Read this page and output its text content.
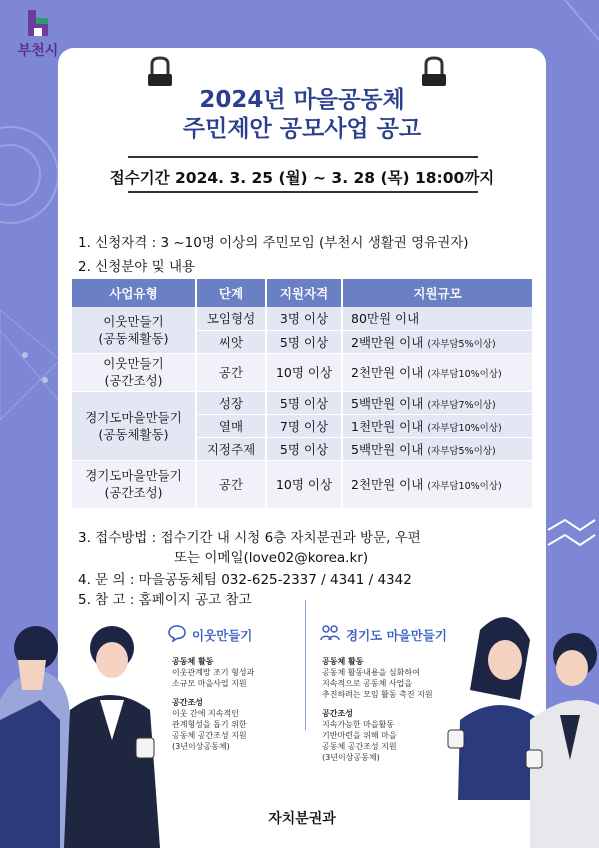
부천시
2024년 마을공동체
주민제안 공모사업 공고
접수기간 2024. 3. 25 (월) ~ 3. 28 (목) 18:00까지
1. 신청자격 : 3 ~10명 이상의 주민모임 (부천시 생활권 영유권자)
2. 신청분야 및 내용
사업유형	단계	지원자격	지원규모

이웃만들기
(공동체활동)	모임형성	3명 이상	80만원 이내
	씨앗	5명 이상	2백만원 이내 (자부담5%이상)

이웃만들기
(공간조성)	공간	10명 이상	2천만원 이내 (자부담10%이상)

경기도마을만들기
(공동체활동)	성장	5명 이상	5백만원 이내 (자부담7%이상)
	열매	7명 이상	1천만원 이내 (자부담10%이상)
	지정주제	5명 이상	5백만원 이내 (자부담5%이상)

경기도마을만들기
(공간조성)	공간	10명 이상	2천만원 이내 (자부담10%이상)
3. 접수방법 : 접수기간 내 시청 6층 자치분권과 방문, 우편
또는 이메일(love02@korea.kr)
4. 문 의 : 마을공동체팀 032-625-2337 / 4341 / 4342
5. 참 고 : 홈페이지 공고 참고
이웃만들기
공동체 활동
이웃관계망 조기 형성과
소규모 마을사업 지원
공간조성
이웃 간에 지속적인
관계형성을 돕기 위한
공동체 공간조성 지원
(3년이상공동체)
경기도 마을만들기
공동체 활동
공동체 활동내용을 심화하여
지속적으로 공동체 사업을
추진하려는 모임 활동 촉진 지원
공간조성
지속가능한 마을활동
기반마련을 위해 마을
공동체 공간조성 지원
(3년이상공동체)
자치분권과
